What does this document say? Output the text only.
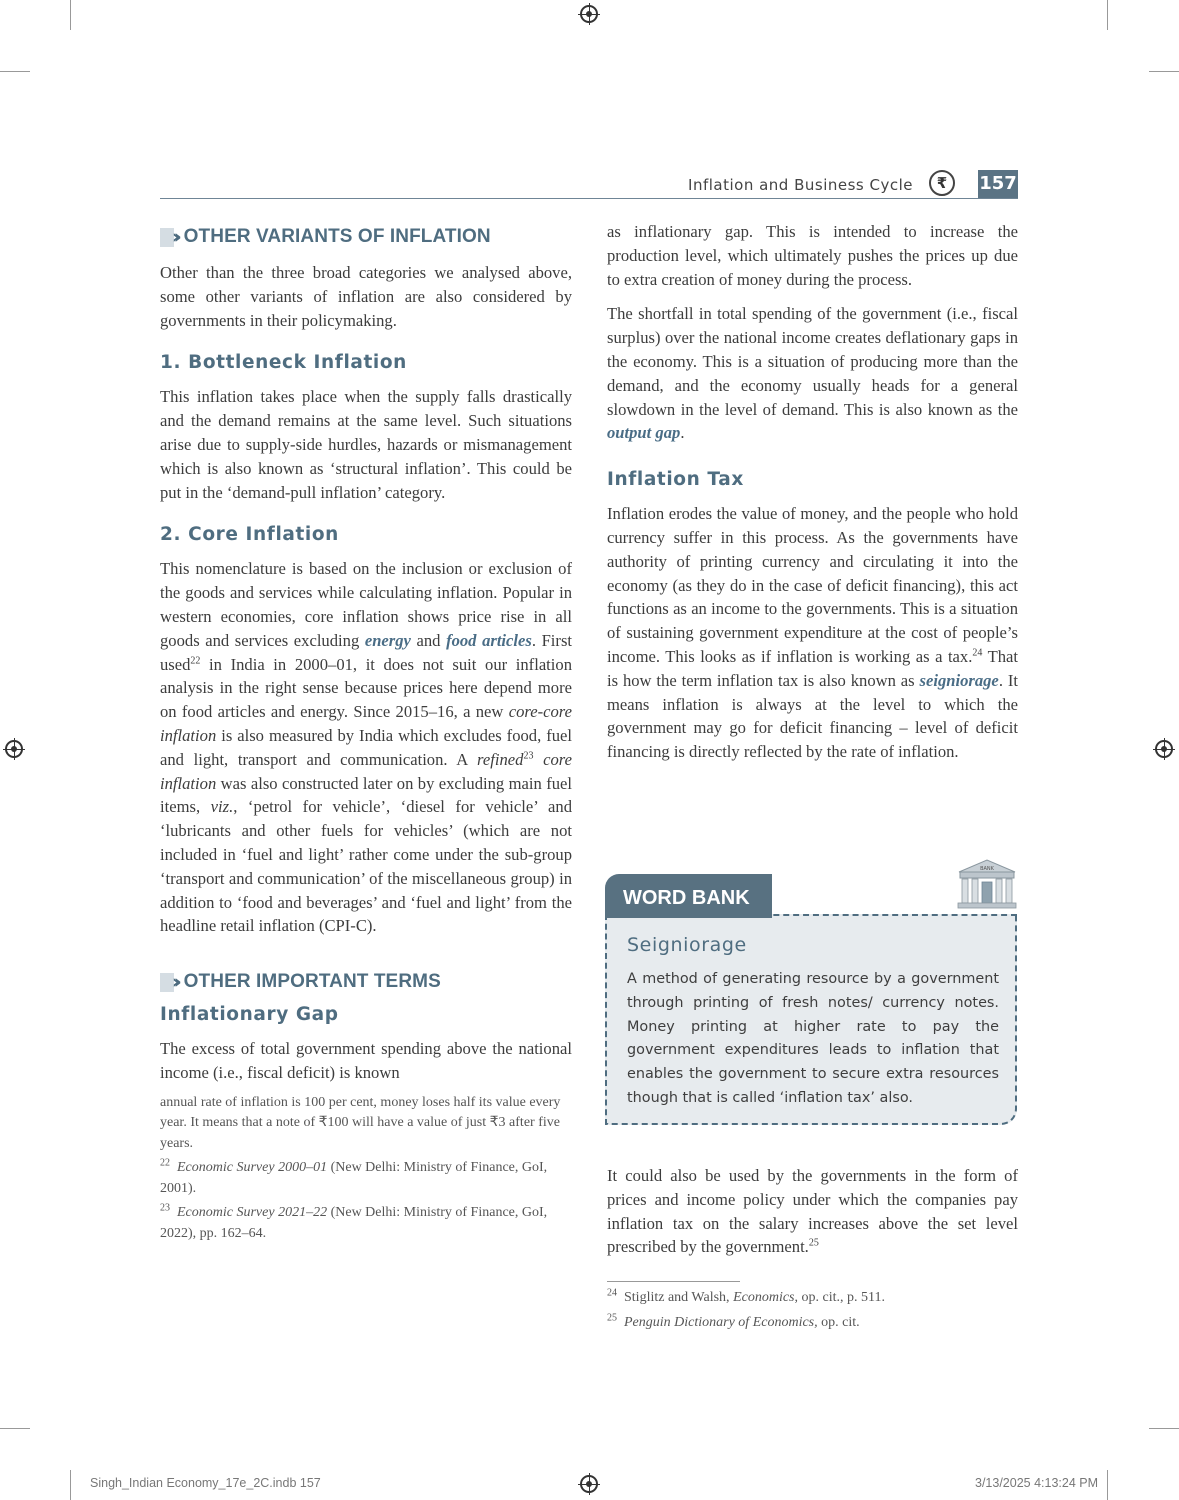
Inflation and Business Cycle	₹	157
›› OTHER VARIANTS OF INFLATION

Other than the three broad categories we analysed above, some other variants of inflation are also considered by governments in their policymaking.

1. Bottleneck Inflation

This inflation takes place when the supply falls drastically and the demand remains at the same level. Such situations arise due to supply-side hurdles, hazards or mismanagement which is also known as ‘structural inflation’. This could be put in the ‘demand-pull inflation’ category.

2. Core Inflation

This nomenclature is based on the inclusion or exclusion of the goods and services while calculating inflation. Popular in western economies, core inflation shows price rise in all goods and services excluding energy and food articles. First used$^{22}$ in India in 2000–01, it does not suit our inflation analysis in the right sense because prices here depend more on food articles and energy. Since 2015–16, a new core-core inflation is also measured by India which excludes food, fuel and light, transport and communication. A refined$^{23}$ core inflation was also constructed later on by excluding main fuel items, viz., ‘petrol for vehicle’, ‘diesel for vehicle’ and ‘lubricants and other fuels for vehicles’ (which are not included in ‘fuel and light’ rather come under the sub-group ‘transport and communication’ of the miscellaneous group) in addition to ‘food and beverages’ and ‘fuel and light’ from the headline retail inflation (CPI-C).

›› OTHER IMPORTANT TERMS
Inflationary Gap

The excess of total government spending above the national income (i.e., fiscal deficit) is known

annual rate of inflation is 100 per cent, money loses half its value every year. It means that a note of ₹100 will have a value of just ₹3 after five years.

$^{22}$ Economic Survey 2000–01 (New Delhi: Ministry of Finance, GoI, 2001).

$^{23}$ Economic Survey 2021–22 (New Delhi: Ministry of Finance, GoI, 2022), pp. 162–64.

as inflationary gap. This is intended to increase the production level, which ultimately pushes the prices up due to extra creation of money during the process.

The shortfall in total spending of the government (i.e., fiscal surplus) over the national income creates deflationary gaps in the economy. This is a situation of producing more than the demand, and the economy usually heads for a general slowdown in the level of demand. This is also known as the output gap.

Inflation Tax

Inflation erodes the value of money, and the people who hold currency suffer in this process. As the governments have authority of printing currency and circulating it into the economy (as they do in the case of deficit financing), this act functions as an income to the governments. This is a situation of sustaining government expenditure at the cost of people’s income. This looks as if inflation is working as a tax.$^{24}$ That is how the term inflation tax is also known as seigniorage. It means inflation is always at the level to which the government may go for deficit financing – level of deficit financing is directly reflected by the rate of inflation.

Seigniorage

A method of generating resource by a government through printing of fresh notes/ currency notes. Money printing at higher rate to pay the government expenditures leads to inflation that enables the government to secure extra resources though that is called ‘inflation tax’ also.

WORD BANK
BANK

It could also be used by the governments in the form of prices and income policy under which the companies pay inflation tax on the salary increases above the set level prescribed by the government.$^{25}$

$^{24}$ Stiglitz and Walsh, Economics, op. cit., p. 511.

$^{25}$ Penguin Dictionary of Economics, op. cit.

Singh_Indian Economy_17e_2C.indb 157	3/13/2025 4:13:24 PM
